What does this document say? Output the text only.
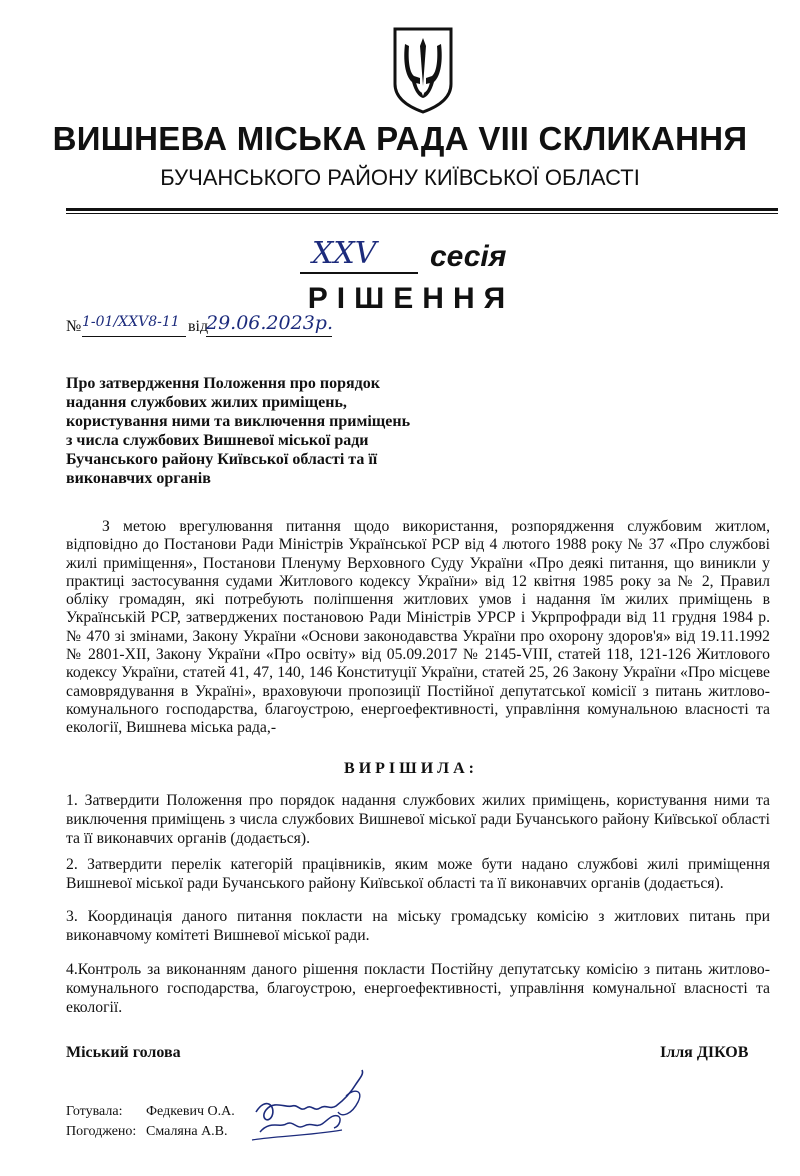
ВИШНЕВА МІСЬКА РАДА VIII СКЛИКАННЯ
БУЧАНСЬКОГО РАЙОНУ КИЇВСЬКОЇ ОБЛАСТІ
XXV	сесія
РІШЕННЯ
№ 1-01/XXV8-11 від
29.06.2023р.
Про затвердження Положення про порядок
надання службових жилих приміщень,
користування ними та виключення приміщень
з числа службових Вишневої міської ради
Бучанського району Київської області та її
виконавчих органів
З метою врегулювання питання щодо використання, розпорядження службовим житлом, відповідно до Постанови Ради Міністрів Української РСР від 4 лютого 1988 року № 37 «Про службові жилі приміщення», Постанови Пленуму Верховного Суду України «Про деякі питання, що виникли у практиці застосування судами Житлового кодексу України» від 12 квітня 1985 року за № 2, Правил обліку громадян, які потребують поліпшення житлових умов і надання їм жилих приміщень в Українській РСР, затверджених постановою Ради Міністрів УРСР і Укрпрофради від 11 грудня 1984 р. № 470 зі змінами, Закону України «Основи законодавства України про охорону здоров'я» від 19.11.1992 № 2801-XII, Закону України «Про освіту» від 05.09.2017 № 2145-VIII, статей 118, 121-126 Житлового кодексу України, статей 41, 47, 140, 146 Конституції України, статей 25, 26 Закону України «Про місцеве самоврядування в Україні», враховуючи пропозиції Постійної депутатської комісії з питань житлово-комунального господарства, благоустрою, енергоефективності, управління комунальною власності та екології, Вишнева міська рада,-
ВИРІШИЛА:
1. Затвердити Положення про порядок надання службових жилих приміщень, користування ними та виключення приміщень з числа службових Вишневої міської ради Бучанського району Київської області та її виконавчих органів (додається).
2. Затвердити перелік категорій працівників, яким може бути надано службові жилі приміщення Вишневої міської ради Бучанського району Київської області та її виконавчих органів (додається).
3. Координація даного питання покласти на міську громадську комісію з житлових питань при виконавчому комітеті Вишневої міської ради.
4.Контроль за виконанням даного рішення покласти Постійну депутатську комісію з питань житлово-комунального господарства, благоустрою, енергоефективності, управління комунальної власності та екології.
Міський голова	Ілля ДІКОВ
Готувала: Федкевич О.А.
Погоджено: Смаляна А.В.
